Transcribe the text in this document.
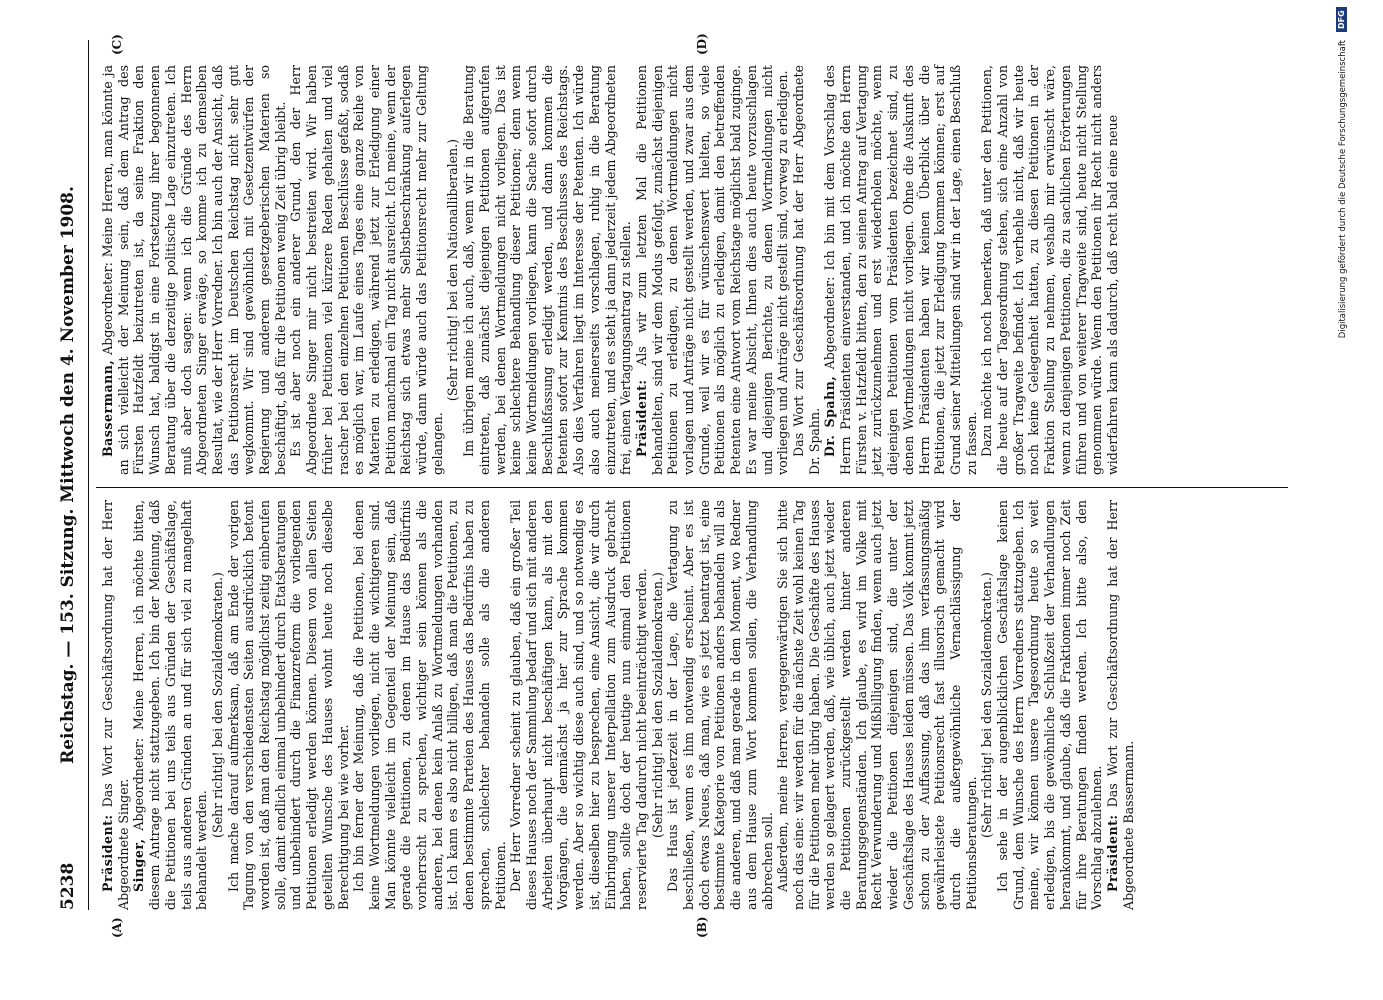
5238
Reichstag. — 153. Sitzung. Mittwoch den 4. November 1908.
(A)	(B)
(C)	(D)

Präsident: Das Wort zur Geschäftsordnung hat der Herr Abgeordnete Singer. Singer, Abgeordneter: Meine Herren, ich möchte bitten, diesem Antrage nicht stattzugeben. Ich bin der Meinung, daß die Petitionen bei uns teils aus Gründen der Geschäftslage, teils aus anderen Gründen an und für sich viel zu mangelhaft behandelt werden.

(Sehr richtig! bei den Sozialdemokraten.) Ich mache darauf aufmerksam, daß am Ende der vorigen Tagung von den verschiedensten Seiten ausdrücklich betont worden ist, daß man den Reichstag möglichst zeitig einberufen solle, damit endlich einmal unbehindert durch Etatsberatungen und unbehindert durch die Finanzreform die vorliegenden Petitionen erledigt werden können. Diesem von allen Seiten geteilten Wunsche des Hauses wohnt heute noch dieselbe Berechtigung bei wie vorher. Ich bin ferner der Meinung, daß die Petitionen, bei denen keine Wortmeldungen vorliegen, nicht die wichtigeren sind. Man könnte vielleicht im Gegenteil der Meinung sein, daß gerade die Petitionen, zu denen im Hause das Bedürfnis vorherrscht zu sprechen, wichtiger sein können als die anderen, bei denen kein Anlaß zu Wortmeldungen vorhanden ist. Ich kann es also nicht billigen, daß man die Petitionen, zu denen bestimmte Parteien des Hauses das Bedürfnis haben zu sprechen, schlechter behandeln solle als die anderen Petitionen. Der Herr Vorredner scheint zu glauben, daß ein großer Teil dieses Hauses noch der Sammlung bedarf und sich mit anderen Arbeiten überhaupt nicht beschäftigen kann, als mit den Vorgängen, die demnächst ja hier zur Sprache kommen werden. Aber so wichtig diese auch sind, und so notwendig es ist, dieselben hier zu besprechen, eine Ansicht, die wir durch Einbringung unserer Interpellation zum Ausdruck gebracht haben, sollte doch der heutige nun einmal den Petitionen reservierte Tag dadurch nicht beeinträchtigt werden. (Sehr richtig! bei den Sozialdemokraten.) Das Haus ist jederzeit in der Lage, die Vertagung zu beschließen, wenn es ihm notwendig erscheint. Aber es ist doch etwas Neues, daß man, wie es jetzt beantragt ist, eine bestimmte Kategorie von Petitionen anders behandeln will als die anderen, und daß man gerade in dem Moment, wo Redner aus dem Hause zum Wort kommen sollen, die Verhandlung abbrechen soll. Außerdem, meine Herren, vergegenwärtigen Sie sich bitte noch das eine: wir werden für die nächste Zeit wohl keinen Tag für die Petitionen mehr übrig haben. Die Geschäfte des Hauses werden so gelagert werden, daß, wie üblich, auch jetzt wieder die Petitionen zurückgestellt werden hinter anderen Beratungsgegenständen. Ich glaube, es wird im Volke mit Recht Verwunderung und Mißbilligung finden, wenn auch jetzt wieder die Petitionen diejenigen sind, die unter der Geschäftslage des Hauses leiden müssen. Das Volk kommt jetzt schon zu der Auffassung, daß das ihm verfassungsmäßig gewährleistete Petitionsrecht fast illusorisch gemacht wird durch die außergewöhnliche Vernachlässigung der Petitionsberatungen.

(Sehr richtig! bei den Sozialdemokraten.) Ich sehe in der augenblicklichen Geschäftslage keinen Grund, dem Wunsche des Herrn Vorredners stattzugeben. Ich meine, wir können unsere Tagesordnung heute so weit erledigen, bis die gewöhnliche Schlußzeit der Verhandlungen herankommt, und glaube, daß die Fraktionen immer noch Zeit für ihre Beratungen finden werden. Ich bitte also, den Vorschlag abzulehnen. Präsident: Das Wort zur Geschäftsordnung hat der Herr Abgeordnete Bassermann.

Bassermann, Abgeordneter: Meine Herren, man könnte ja an sich vielleicht der Meinung sein, daß dem Antrag des Fürsten Hatzfeldt beizutreten ist, da seine Fraktion den Wunsch hat, baldigst in eine Fortsetzung ihrer begonnenen Beratung über die derzeitige politische Lage einzutreten. Ich muß aber doch sagen: wenn ich die Gründe des Herrn Abgeordneten Singer erwäge, so komme ich zu demselben Resultat, wie der Herr Vorredner. Ich bin auch der Ansicht, daß das Petitionsrecht im Deutschen Reichstag nicht sehr gut wegkommt. Wir sind gewöhnlich mit Gesetzentwürfen der Regierung und anderem gesetzgeberischen Materien so beschäftigt, daß für die Petitionen wenig Zeit übrig bleibt. Es ist aber noch ein anderer Grund, den der Herr Abgeordnete Singer mir nicht bestreiten wird. Wir haben früher bei Petitionen viel kürzere Reden gehalten und viel rascher bei den einzelnen Petitionen Beschlüsse gefaßt, sodaß es möglich war, im Laufe eines Tages eine ganze Reihe von Materien zu erledigen, während jetzt zur Erledigung einer Petition manchmal ein Tag nicht ausreicht. Ich meine, wenn der Reichstag sich etwas mehr Selbstbeschränkung auferlegen würde, dann würde auch das Petitionsrecht mehr zur Geltung gelangen.

(Sehr richtig! bei den Nationalliberalen.) Im übrigen meine ich auch, daß, wenn wir in die Beratung eintreten, daß zunächst diejenigen Petitionen aufgerufen werden, bei denen Wortmeldungen nicht vorliegen. Das ist keine schlechtere Behandlung dieser Petitionen; denn wenn keine Wortmeldungen vorliegen, kann die Sache sofort durch Beschlußfassung erledigt werden, und dann kommen die Petenten sofort zur Kenntnis des Beschlusses des Reichstags. Also dies Verfahren liegt im Interesse der Petenten. Ich würde also auch meinerseits vorschlagen, ruhig in die Beratung einzutreten, und es steht ja dann jederzeit jedem Abgeordneten frei, einen Vertagungsantrag zu stellen. Präsident: Als wir zum letzten Mal die Petitionen behandelten, sind wir dem Modus gefolgt, zunächst diejenigen Petitionen zu erledigen, zu denen Wortmeldungen nicht vorlagen und Anträge nicht gestellt werden, und zwar aus dem Grunde, weil wir es für wünschenswert hielten, so viele Petitionen als möglich zu erledigen, damit den betreffenden Petenten eine Antwort vom Reichstage möglichst bald zuginge. Es war meine Absicht, Ihnen dies auch heute vorzuschlagen und diejenigen Berichte, zu denen Wortmeldungen nicht vorliegen und Anträge nicht gestellt sind, vorweg zu erledigen. Das Wort zur Geschäftsordnung hat der Herr Abgeordnete Dr. Spahn. Dr. Spahn, Abgeordneter: Ich bin mit dem Vorschlag des Herrn Präsidenten einverstanden, und ich möchte den Herrn Fürsten v. Hatzfeldt bitten, den zu seinen Antrag auf Vertagung jetzt zurückzunehmen und erst wiederholen möchte, wenn diejenigen Petitionen vom Präsidenten bezeichnet sind, zu denen Wortmeldungen nicht vorliegen. Ohne die Auskunft des Herrn Präsidenten haben wir keinen Überblick über die Petitionen, die jetzt zur Erledigung kommen können; erst auf Grund seiner Mitteilungen sind wir in der Lage, einen Beschluß zu fassen. Dazu möchte ich noch bemerken, daß unter den Petitionen, die heute auf der Tagesordnung stehen, sich eine Anzahl von großer Tragweite befindet. Ich verhehle nicht, daß wir heute noch keine Gelegenheit hatten, zu diesen Petitionen in der Fraktion Stellung zu nehmen, weshalb mir erwünscht wäre, wenn zu denjenigen Petitionen, die zu sachlichen Erörterungen führen und von weiterer Tragweite sind, heute nicht Stellung genommen würde. Wenn den Petitionen ihr Recht nicht anders widerfahren kann als dadurch, daß recht bald eine neue	Digitalisierung gefördert durch die Deutsche Forschungsgemeinschaft
DFG
